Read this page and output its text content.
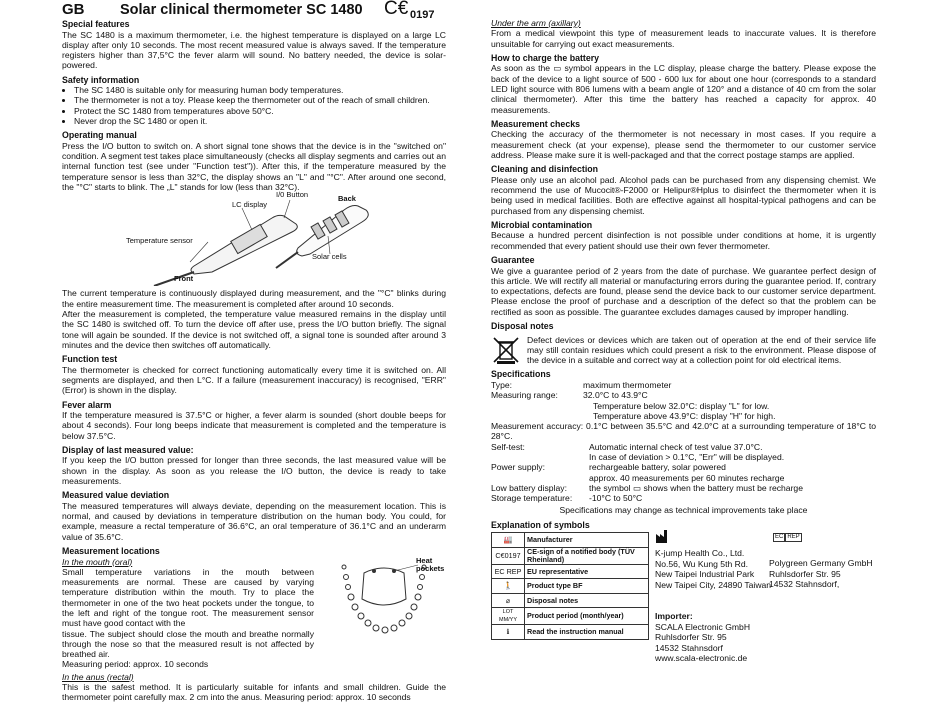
GB Solar clinical thermometer SC 1480 C€ 0197
Special features

The SC 1480 is a maximum thermometer, i.e. the highest temperature is displayed on a large LC display after only 10 seconds. The most recent measured value is always saved. If the temperature registers higher than 37,5°C the fever alarm will sound. No battery needed, the device is solar-powered.

Safety information
• The SC 1480 is suitable only for measuring human body temperatures.
• The thermometer is not a toy. Please keep the thermometer out of the reach of small children.
• Protect the SC 1480 from temperatures above 50°C.
• Never drop the SC 1480 or open it.
Operating manual

Press the I/O button to switch on. A short signal tone shows that the device is in the "switched on" condition. A segment test takes place simultaneously (checks all display segments and carries out an internal function test (see under "Function test")). After this, if the temperature measured by the temperature sensor is less than 32°C, the display shows an "L" and "°C". After around one second, the "°C" starts to blink. The „L" stands for low (less than 32°C).

LC display
I/0 Button	Back
Temperature sensor
Solar cells
Front

The current temperature is continuously displayed during measurement, and the "°C" blinks during the entire measurement time. The measurement is completed after around 10 seconds.

After the measurement is completed, the temperature value measured remains in the display until the SC 1480 is switched off. To turn the device off after use, press the I/O button briefly. The signal tone will again be sounded. If the device is not switched off, a signal tone is sounded after around 3 minutes and the device then switches off automatically.

Function test

The thermometer is checked for correct functioning automatically every time it is switched on. All segments are displayed, and then L°C. If a failure (measurement inaccuracy) is recognised, "ERR" (Error) is shown in the display.

Fever alarm

If the temperature measured is 37.5°C or higher, a fever alarm is sounded (short double beeps for about 4 seconds). Four long beeps indicate that measurement is completed and the temperature is below 37.5°C.

Display of last measured value:

If you keep the I/O button pressed for longer than three seconds, the last measured value will be shown in the display. As soon as you release the I/O button, the device is ready to take measurements.

Measured value deviation

The measured temperatures will always deviate, depending on the measurement location. This is normal, and caused by deviations in temperature distribution on the human body. You could, for example, measure a rectal temperature of 36.6°C, an oral temperature of 36.1°C and an underarm value of 35.6°C.

Measurement locations
In the mouth (oral)

Small temperature variations in the mouth between measurements are normal. These are caused by varying temperature distribution within the mouth. Try to place the thermometer in one of the two heat pockets under the tongue, to the left and right of the tongue root. The measurement sensor must have good contact with the

tissue. The subject should close the mouth and breathe normally through the nose so that the measured result is not affected by breathed air.

Measuring period: approx. 10 seconds

Heat pockets
In the anus (rectal)

This is the safest method. It is particularly suitable for infants and small children. Guide the thermometer point carefully max. 2 cm into the anus. Measuring period: approx. 10 seconds

Under the arm (axillary)

From a medical viewpoint this type of measurement leads to inaccurate values. It is therefore unsuitable for carrying out exact measurements.

How to charge the battery

As soon as the ▭ symbol appears in the LC display, please charge the battery. Please expose the back of the device to a light source of 500 - 600 lux for about one hour (corresponds to a standard LED light source with 806 lumens with a beam angle of 120° and a distance of 40 cm from the solar clinical thermometer). After this time the battery has reached a capacity for approx. 40 measurements.

Measurement checks

Checking the accuracy of the thermometer is not necessary in most cases. If you require a measurement check (at your expense), please send the thermometer to our customer service address. Please make sure it is well-packaged and that the correct postage stamps are applied.

Cleaning and disinfection

Please only use an alcohol pad. Alcohol pads can be purchased from any dispensing chemist. We recommend the use of Mucocit®-F2000 or Helipur®Hplus to disinfect the thermometer when it is being used in medical facilities. Both are effective against all hospital-typical pathogens and can be purchased from any dispensing chemist.

Microbial contamination

Because a hundred percent disinfection is not possible under conditions at home, it is urgently recommended that every patient should use their own fever thermometer.

Guarantee

We give a guarantee period of 2 years from the date of purchase. We guarantee perfect design of this article. We will rectify all material or manufacturing errors during the guarantee period. If, contrary to expectations, defects are found, please send the device back to our customer service department. Please enclose the proof of purchase and a description of the defect so that the problem can be rectified as soon as possible. The guarantee excludes damages caused by improper handling.

Disposal notes

Defect devices or devices which are taken out of operation at the end of their service life may still contain residues which could present a risk to the environment. Please dispose of the device in a suitable and correct way at a collection point for old electrical items.

Specifications
Type:	maximum thermometer
Measuring range:	32.0°C to 43.9°C
	Temperature below 32.0°C: display "L" for low.
	Temperature above 43.9°C: display "H" for high.

Measurement accuracy: 0.1°C between 35.5°C and 42.0°C at a surrounding temperature of 18°C to 28°C.

Self-test:	Automatic internal check of test value 37.0°C.
	In case of deviation > 0.1°C, "Err" will be displayed.
Power supply:	rechargeable battery, solar powered
	approx. 40 measurements per 60 minutes recharge
Low battery display:	the symbol ▭ shows when the battery must be recharge
Storage temperature:	-10°C to 50°C

Specifications may change as technical improvements take place

Explanation of symbols
🏭	Manufacturer
C€0197	CE-sign of a notified body (TÜV Rheinland)
EC REP	EU representative
🚶	Product type BF
⌀	Disposal notes
LOT MM/YY	Product period (month/year)
ℹ	Read the instruction manual
EC REP
K-jump Health Co., Ltd.
No.56, Wu Kung 5th Rd.
New Taipei Industrial Park
New Taipei City, 24890 Taiwan
Polygreen Germany GmbH
Ruhlsdorfer Str. 95
14532 Stahnsdorf,
Importer:
SCALA Electronic GmbH
Ruhlsdorfer Str. 95
14532 Stahnsdorf
www.scala-electronic.de
